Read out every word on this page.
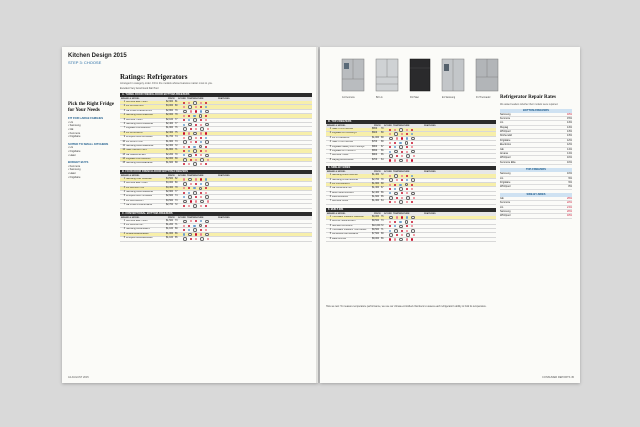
Kitchen Design 2015
STEP 3: CHOOSE
Pick the Right Fridge for Your Needs
FIT FOR LARGE FAMILIES
• LG
• Samsung
• GE
• Kenmore
• Frigidaire
SUITED TO SMALL KITCHENS
• LG
• Frigidaire
• Haier
BUDGET BUYS
• Kenmore
• Samsung
• Haier
• Frigidaire
Ratings: Refrigerators
Arranged in category order. Fill in the models whose features matter most to you.
Excellent Very Good Good Fair Poor
A. THREE-DOOR FRENCH-DOOR BOTTOM-FREEZERS
BRAND & MODEL	PRICE	SCORE TEMPERATURE	FEATURES
1 Kenmore Elite 74025	$2,900 81
2 LG LFXS30766S	$3,000 80
3 GE Profile PFE28KSKSS	$2,800 79
4 Samsung RF28HFEDBSR	$2,000 78
5 Kenmore 73025	$2,100 77
6 Samsung RF23HCEDBSR	$2,400 77
7 Frigidaire FGHB2866PF	$1,900 76
8 LG LFX31925ST	$2,300 75
9 Whirlpool WRF535SWBM	$1,700 74
10 LG LFC24770ST	$1,900 73
11 Samsung RF28HMEDBSR	$2,300 72
12 Haier HB21FC75NS	$1,800 71
13 GE GFE28HMHES	$2,200 70
14 Frigidaire FGHN2866PF	$2,000 69
15 Samsung RF260BEAESR	$1,600 68
B. FOUR-DOOR FRENCH-DOOR BOTTOM-FREEZERS
BRAND & MODEL	PRICE	SCORE TEMPERATURE	FEATURES
1 Samsung Chef Collection	$4,500 82
2 Kenmore Elite 72483	$3,000 80
3 LG LMXS30776S	$3,300 78
4 Samsung RF28HDEDBSR	$2,900 77
5 Whirlpool WRX735SDBM	$2,600 74
6 LG LMX31985ST	$3,500 73
7 GE Profile PGS25KSESS	$2,700 72
C. CONVENTIONAL BOTTOM-FREEZERS
BRAND & MODEL	PRICE	SCORE TEMPERATURE	FEATURES
1 Kenmore Elite 79043	$1,500 73
2 LG LDC24370ST	$1,200 71
3 Samsung RB195ABRS	$1,100 69
4 Amana ABB2224BRM	$1,000 66
5 Whirlpool WRB322DMBM	$1,100 65
44 AUGUST 2015
A1 Kenmore	B2 LG	D1 Haier	E1 Samsung	F1 Thermador
D. TOP-FREEZERS
BRAND & MODEL	PRICE	SCORE TEMPERATURE	FEATURES
1 Haier HT21TS45SW	$650	70
2 Frigidaire FFTR1821QS	$600	69
3 LG LTCS24223S	$1,000 68
4 Haier HT18TS45SW	$700	68
5 Frigidaire Gallery FGHT1846QF	$800	67
6 Frigidaire LFHT2051TF	$650	66
7 Kenmore 79432	$800	65
8 Maytag MFI2269FRZ	$700	64
E. SIDE-BY-SIDES
BRAND & MODEL	PRICE	SCORE TEMPERATURE	FEATURES
1 Samsung RS25H5111SR	$1,400 72
2 Samsung RH29H9000SR	$2,700 70
3 LG LSXS26326S	$1,900 68
4 GE GSS25GSHSS	$1,300 67
5 Bosch B22CS50SNS	$2,400 66
6 IKEA 80302491	$1,600 65
7 Kenmore 51133	$1,300 64
F. BUILT-INS
BRAND & MODEL	PRICE	SCORE TEMPERATURE	FEATURES
1 Thermador Freedom Collection	$9,000 76
2 Jenn-Air JB36FZKNDX	$8,500 73
3 Sub-Zero BI-36UFD	$10,000 72
4 Thermador Freedom T36IT800NP	$9,500 71
5 KitchenAid KBFN506ESS	$7,500 68
6 Miele KF1911	$8,000 66
How we test: To measure temperature performance, we use our climate-controlled chambers to assess each refrigerator's ability to hold its temperature.
Refrigerator Repair Rates
We asked readers whether their models were repaired.
BOTTOM-FREEZERS
Samsung	18%
Kenmore	15%
LG	14%
Maytag	14%
Whirlpool	13%
KitchenAid	13%
Frigidaire	12%
Electrolux	12%
GE	11%
Amana	11%
Whirlpool	10%
Kenmore Elite	10%
TOP-FREEZERS
Samsung	10%
LG	9%
Frigidaire	9%
Whirlpool	8%
SIDE-BY-SIDES
GE	26%
Kenmore	22%
LG	21%
Samsung	20%
Whirlpool	18%
CONSUMER REPORTS 45
